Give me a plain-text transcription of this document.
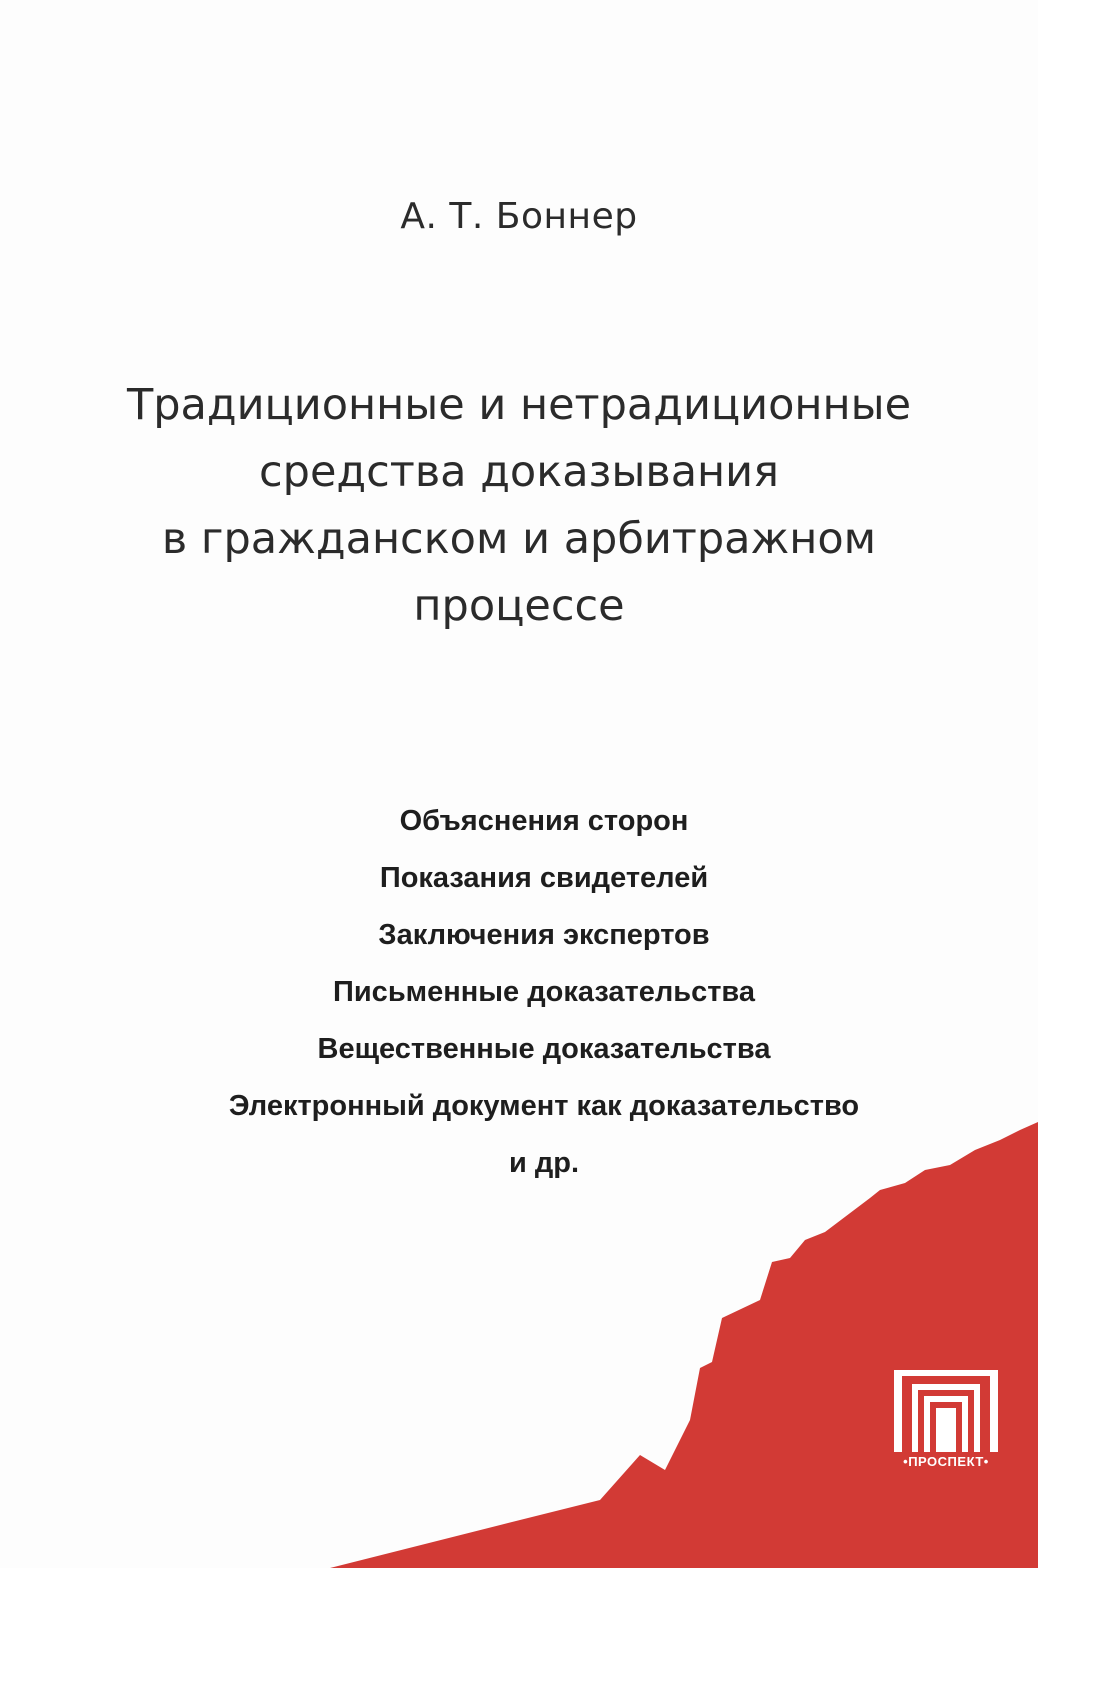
А. Т. Боннер
Традиционные и нетрадиционные
средства доказывания
в гражданском и арбитражном
процессе
Объяснения сторон
Показания свидетелей
Заключения экспертов
Письменные доказательства
Вещественные доказательства
Электронный документ как доказательство
и др.
•ПРОСПЕКТ•
